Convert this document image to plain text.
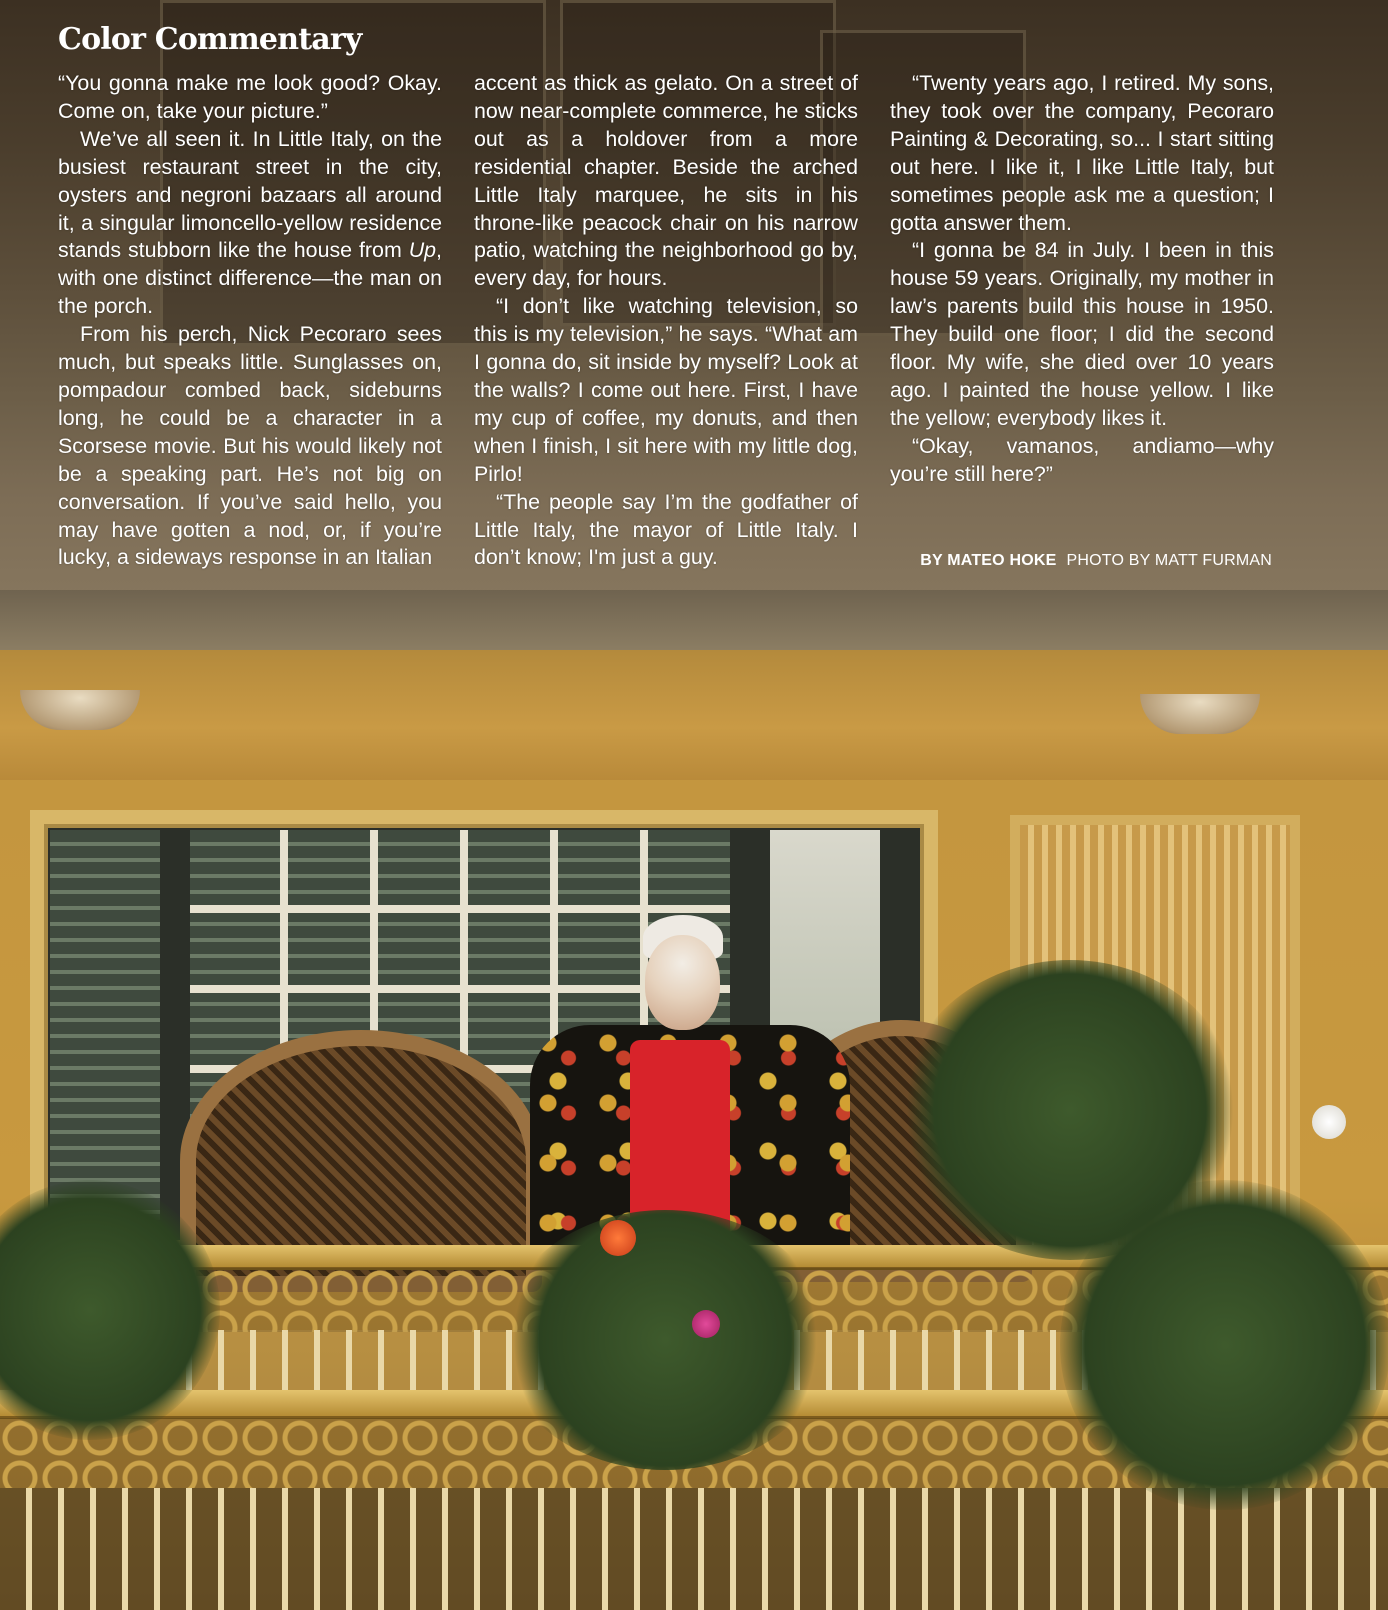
Color Commentary

“You gonna make me look good? Okay. Come on, take your picture.”

We’ve all seen it. In Little Italy, on the busiest restaurant street in the city, oysters and negroni bazaars all around it, a singular limoncello-yellow residence stands stubborn like the house from Up, with one distinct difference—the man on the porch.

From his perch, Nick Pecoraro sees much, but speaks little. Sunglasses on, pompadour combed back, sideburns long, he could be a character in a Scorsese movie. But his would likely not be a speaking part. He’s not big on conversation. If you’ve said hello, you may have gotten a nod, or, if you’re lucky, a sideways response in an Italian

accent as thick as gelato. On a street of now near-complete commerce, he sticks out as a holdover from a more residential chapter. Beside the arched Little Italy marquee, he sits in his throne-like peacock chair on his narrow patio, watching the neighborhood go by, every day, for hours.

“I don’t like watching television, so this is my television,” he says. “What am I gonna do, sit inside by myself? Look at the walls? I come out here. First, I have my cup of coffee, my donuts, and then when I finish, I sit here with my little dog, Pirlo!

“The people say I’m the godfather of Little Italy, the mayor of Little Italy. I don’t know; I'm just a guy.

“Twenty years ago, I retired. My sons, they took over the company, Pecoraro Painting & Decorating, so... I start sitting out here. I like it, I like Little Italy, but sometimes people ask me a question; I gotta answer them.

“I gonna be 84 in July. I been in this house 59 years. Originally, my mother in law’s parents build this house in 1950. They build one floor; I did the second floor. My wife, she died over 10 years ago. I painted the house yellow. I like the yellow; everybody likes it.

“Okay, vamanos, andiamo—why you’re still here?”

BY MATEO HOKE PHOTO BY MATT FURMAN
